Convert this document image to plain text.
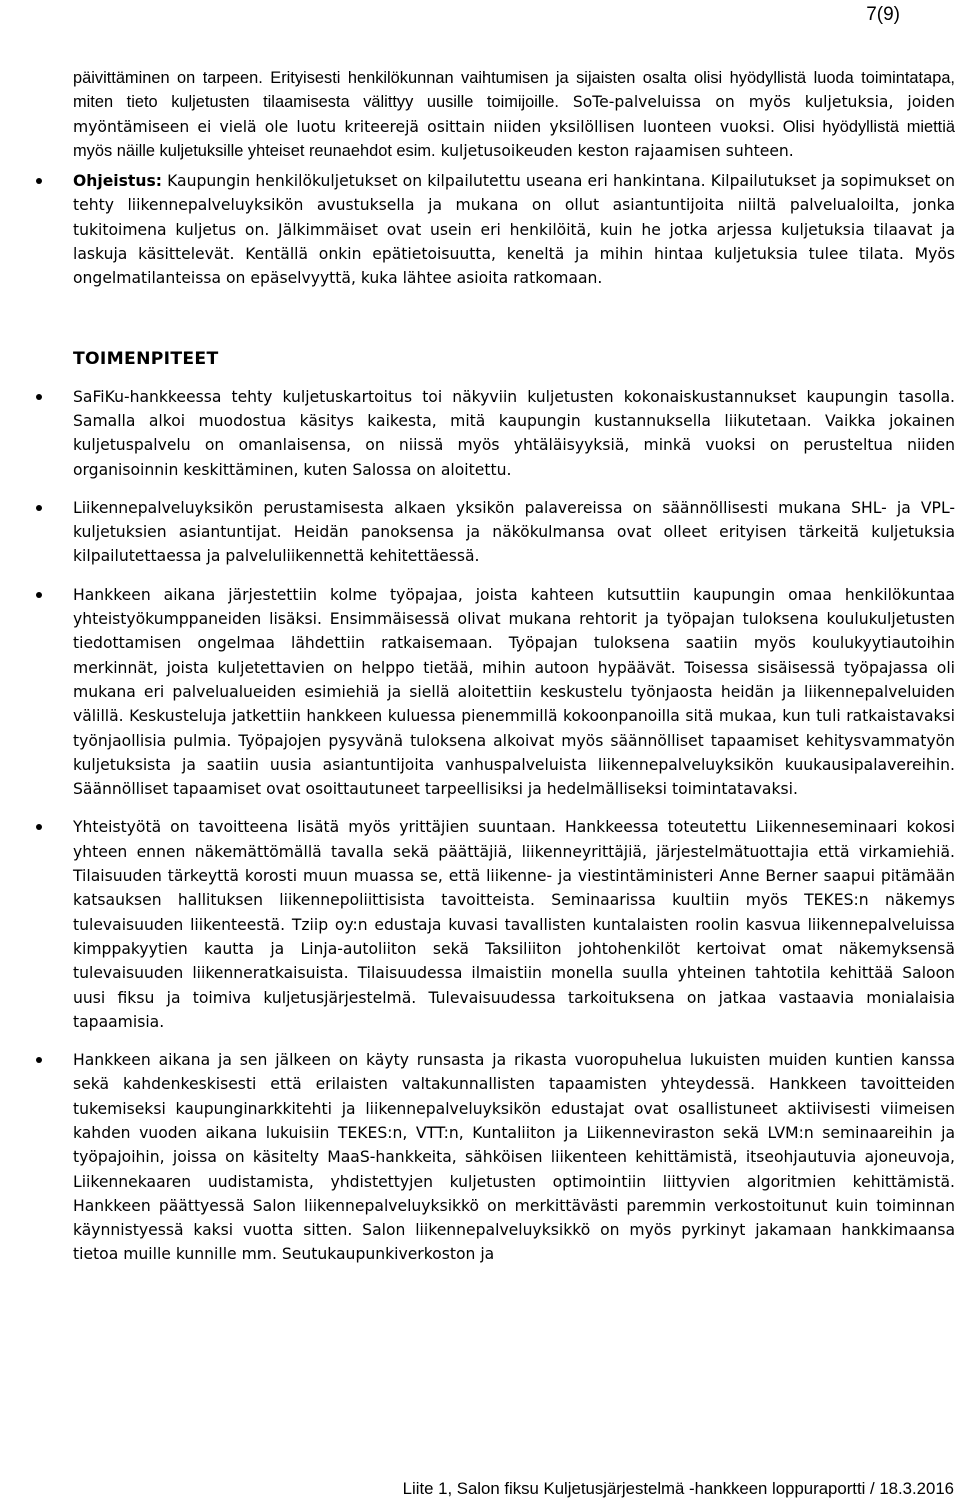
7(9)

päivittäminen on tarpeen. Erityisesti henkilökunnan vaihtumisen ja sijaisten osalta olisi hyödyllistä luoda toimintatapa, miten tieto kuljetusten tilaamisesta välittyy uusille toimijoille. SoTe-palveluissa on myös kuljetuksia, joiden myöntämiseen ei vielä ole luotu kriteerejä osittain niiden yksilöllisen luonteen vuoksi. Olisi hyödyllistä miettiä myös näille kuljetuksille yhteiset reunaehdot esim. kuljetusoikeuden keston rajaamisen suhteen.

Ohjeistus: Kaupungin henkilökuljetukset on kilpailutettu useana eri hankintana. Kilpailutukset ja sopimukset on tehty liikennepalveluyksikön avustuksella ja mukana on ollut asiantuntijoita niiltä palvelualoilta, jonka tukitoimena kuljetus on. Jälkimmäiset ovat usein eri henkilöitä, kuin he jotka arjessa kuljetuksia tilaavat ja laskuja käsittelevät. Kentällä onkin epätietoisuutta, keneltä ja mihin hintaa kuljetuksia tulee tilata. Myös ongelmatilanteissa on epäselvyyttä, kuka lähtee asioita ratkomaan.

TOIMENPITEET

SaFiKu-hankkeessa tehty kuljetuskartoitus toi näkyviin kuljetusten kokonaiskustannukset kaupungin tasolla. Samalla alkoi muodostua käsitys kaikesta, mitä kaupungin kustannuksella liikutetaan. Vaikka jokainen kuljetuspalvelu on omanlaisensa, on niissä myös yhtäläisyyksiä, minkä vuoksi on perusteltua niiden organisoinnin keskittäminen, kuten Salossa on aloitettu.

Liikennepalveluyksikön perustamisesta alkaen yksikön palavereissa on säännöllisesti mukana SHL- ja VPL-kuljetuksien asiantuntijat. Heidän panoksensa ja näkökulmansa ovat olleet erityisen tärkeitä kuljetuksia kilpailutettaessa ja palveluliikennettä kehitettäessä.

Hankkeen aikana järjestettiin kolme työpajaa, joista kahteen kutsuttiin kaupungin omaa henkilökuntaa yhteistyökumppaneiden lisäksi. Ensimmäisessä olivat mukana rehtorit ja työpajan tuloksena koulukuljetusten tiedottamisen ongelmaa lähdettiin ratkaisemaan. Työpajan tuloksena saatiin myös koulukyytiautoihin merkinnät, joista kuljetettavien on helppo tietää, mihin autoon hypäävät. Toisessa sisäisessä työpajassa oli mukana eri palvelualueiden esimiehiä ja siellä aloitettiin keskustelu työnjaosta heidän ja liikennepalveluiden välillä. Keskusteluja jatkettiin hankkeen kuluessa pienemmillä kokoonpanoilla sitä mukaa, kun tuli ratkaistavaksi työnjaollisia pulmia. Työpajojen pysyvänä tuloksena alkoivat myös säännölliset tapaamiset kehitysvammatyön kuljetuksista ja saatiin uusia asiantuntijoita vanhuspalveluista liikennepalveluyksikön kuukausipalavereihin. Säännölliset tapaamiset ovat osoittautuneet tarpeellisiksi ja hedelmälliseksi toimintatavaksi.

Yhteistyötä on tavoitteena lisätä myös yrittäjien suuntaan. Hankkeessa toteutettu Liikenneseminaari kokosi yhteen ennen näkemättömällä tavalla sekä päättäjiä, liikenneyrittäjiä, järjestelmätuottajia että virkamiehiä. Tilaisuuden tärkeyttä korosti muun muassa se, että liikenne- ja viestintäministeri Anne Berner saapui pitämään katsauksen hallituksen liikennepoliittisista tavoitteista. Seminaarissa kuultiin myös TEKES:n näkemys tulevaisuuden liikenteestä. Tziip oy:n edustaja kuvasi tavallisten kuntalaisten roolin kasvua liikennepalveluissa kimppakyytien kautta ja Linja-autoliiton sekä Taksiliiton johtohenkilöt kertoivat omat näkemyksensä tulevaisuuden liikenneratkaisuista. Tilaisuudessa ilmaistiin monella suulla yhteinen tahtotila kehittää Saloon uusi fiksu ja toimiva kuljetusjärjestelmä. Tulevaisuudessa tarkoituksena on jatkaa vastaavia monialaisia tapaamisia.

Hankkeen aikana ja sen jälkeen on käyty runsasta ja rikasta vuoropuhelua lukuisten muiden kuntien kanssa sekä kahdenkeskisesti että erilaisten valtakunnallisten tapaamisten yhteydessä. Hankkeen tavoitteiden tukemiseksi kaupunginarkkitehti ja liikennepalveluyksikön edustajat ovat osallistuneet aktiivisesti viimeisen kahden vuoden aikana lukuisiin TEKES:n, VTT:n, Kuntaliiton ja Liikenneviraston sekä LVM:n seminaareihin ja työpajoihin, joissa on käsitelty MaaS-hankkeita, sähköisen liikenteen kehittämistä, itseohjautuvia ajoneuvoja, Liikennekaaren uudistamista, yhdistettyjen kuljetusten optimointiin liittyvien algoritmien kehittämistä. Hankkeen päättyessä Salon liikennepalveluyksikkö on merkittävästi paremmin verkostoitunut kuin toiminnan käynnistyessä kaksi vuotta sitten. Salon liikennepalveluyksikkö on myös pyrkinyt jakamaan hankkimaansa tietoa muille kunnille mm. Seutukaupunkiverkoston ja

Liite 1, Salon fiksu Kuljetusjärjestelmä -hankkeen loppuraportti / 18.3.2016
